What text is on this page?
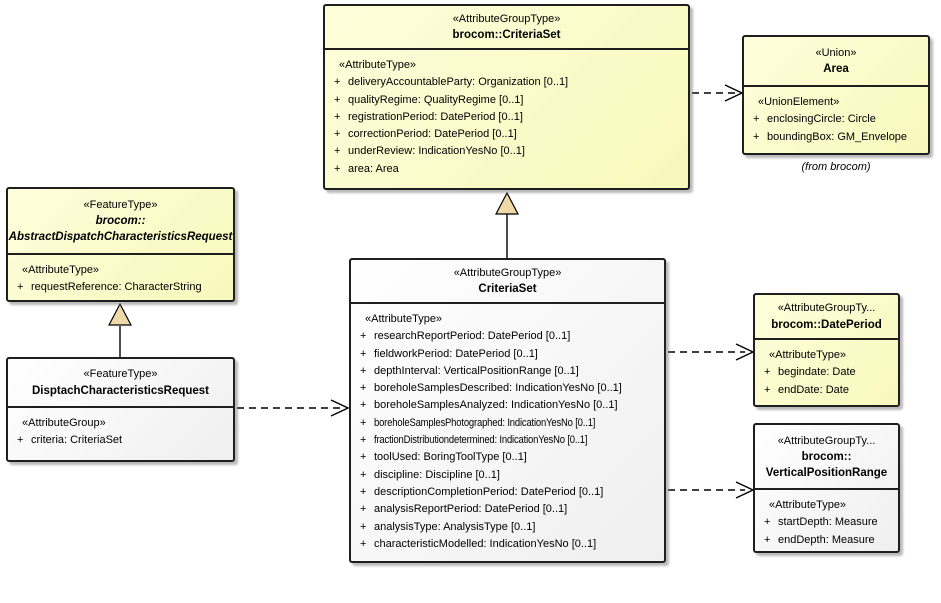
«AttributeGroupType»
brocom::CriteriaSet
«AttributeType»
+ deliveryAccountableParty: Organization [0..1]
+ qualityRegime: QualityRegime [0..1]
+ registrationPeriod: DatePeriod [0..1]
+ correctionPeriod: DatePeriod [0..1]
+ underReview: IndicationYesNo [0..1]
+ area: Area
«Union»
Area
«UnionElement»
+ enclosingCircle: Circle
+ boundingBox: GM_Envelope
(from brocom)
«FeatureType»
brocom::
AbstractDispatchCharacteristicsRequest
«AttributeType»
+ requestReference: CharacterString
«FeatureType»
DisptachCharacteristicsRequest
«AttributeGroup»
+ criteria: CriteriaSet
«AttributeGroupType»
CriteriaSet
«AttributeType»
+ researchReportPeriod: DatePeriod [0..1]
+ fieldworkPeriod: DatePeriod [0..1]
+ depthInterval: VerticalPositionRange [0..1]
+ boreholeSamplesDescribed: IndicationYesNo [0..1]
+ boreholeSamplesAnalyzed: IndicationYesNo [0..1]
+ boreholeSamplesPhotographed: IndicationYesNo [0..1]
+ fractionDistributiondetermined: IndicationYesNo [0..1]
+ toolUsed: BoringToolType [0..1]
+ discipline: Discipline [0..1]
+ descriptionCompletionPeriod: DatePeriod [0..1]
+ analysisReportPeriod: DatePeriod [0..1]
+ analysisType: AnalysisType [0..1]
+ characteristicModelled: IndicationYesNo [0..1]
«AttributeGroupTy...
brocom::DatePeriod
«AttributeType»
+ begindate: Date
+ endDate: Date
«AttributeGroupTy...
brocom::
VerticalPositionRange
«AttributeType»
+ startDepth: Measure
+ endDepth: Measure
